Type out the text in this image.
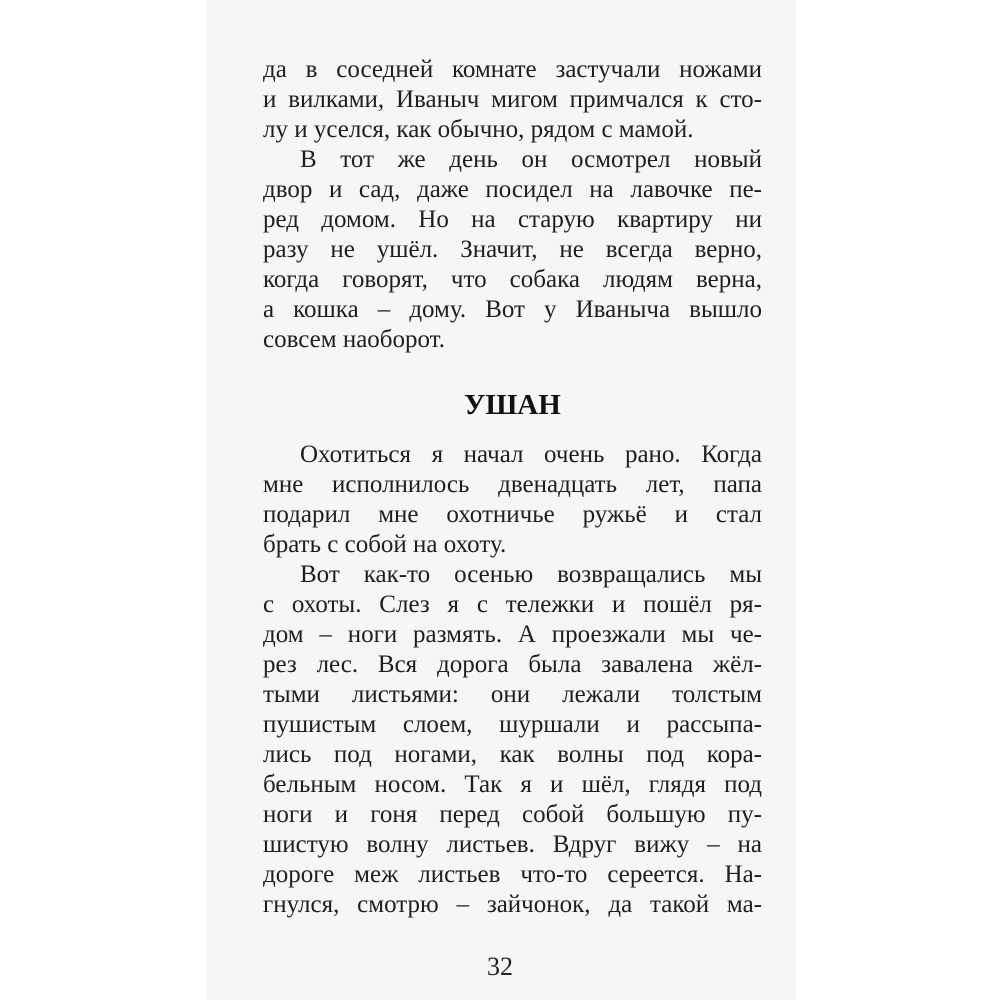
да в соседней комнате застучали ножами
и вилками, Иваныч мигом примчался к сто-
лу и уселся, как обычно, рядом с мамой.
В тот же день он осмотрел новый
двор и сад, даже посидел на лавочке пе-
ред домом. Но на старую квартиру ни
разу не ушёл. Значит, не всегда верно,
когда говорят, что собака людям верна,
а кошка – дому. Вот у Иваныча вышло
совсем наоборот.
УШАН
Охотиться я начал очень рано. Когда
мне исполнилось двенадцать лет, папа
подарил мне охотничье ружьё и стал
брать с собой на охоту.
Вот как-то осенью возвращались мы
с охоты. Слез я с тележки и пошёл ря-
дом – ноги размять. А проезжали мы че-
рез лес. Вся дорога была завалена жёл-
тыми листьями: они лежали толстым
пушистым слоем, шуршали и рассыпа-
лись под ногами, как волны под кора-
бельным носом. Так я и шёл, глядя под
ноги и гоня перед собой большую пу-
шистую волну листьев. Вдруг вижу – на
дороге меж листьев что-то сереется. На-
гнулся, смотрю – зайчонок, да такой ма-
32
